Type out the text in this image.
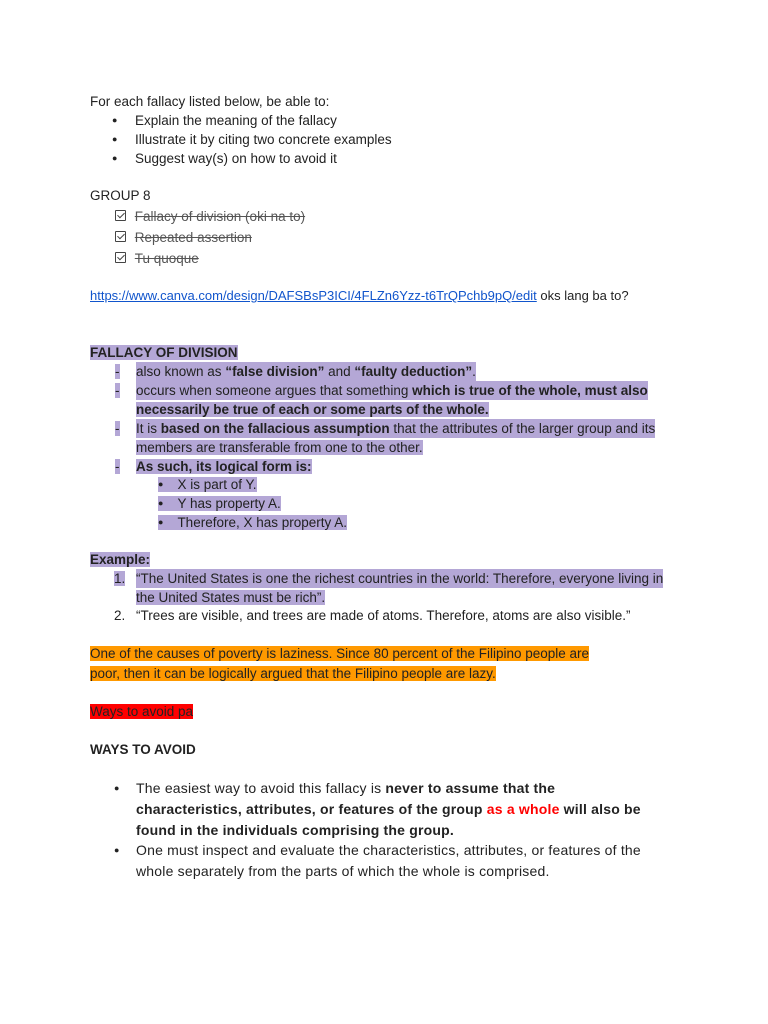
For each fallacy listed below, be able to:
●
Explain the meaning of the fallacy
●
Illustrate it by citing two concrete examples
●
Suggest way(s) on how to avoid it
GROUP 8
Fallacy of division (oki na to)
Repeated assertion
Tu quoque
https://www.canva.com/design/DAFSBsP3ICI/4FLZn6Yzz-t6TrQPchb9pQ/edit oks lang ba to?
FALLACY OF DIVISION
- also known as “false division” and “faulty deduction”.
- occurs when someone argues that something which is true of the whole, must also
necessarily be true of each or some parts of the whole.
- It is based on the fallacious assumption that the attributes of the larger group and its
members are transferable from one to the other.
- As such, its logical form is:
● X is part of Y.
● Y has property A.
● Therefore, X has property A.
Example:
1. “The United States is one the richest countries in the world: Therefore, everyone living in
the United States must be rich”.
2. “Trees are visible, and trees are made of atoms. Therefore, atoms are also visible.”
One of the causes of poverty is laziness. Since 80 percent of the Filipino people are
poor, then it can be logically argued that the Filipino people are lazy.
Ways to avoid pa
WAYS TO AVOID
●
The easiest way to avoid this fallacy is never to assume that the
characteristics, attributes, or features of the group as a whole will also be
found in the individuals comprising the group.
●
One must inspect and evaluate the characteristics, attributes, or features of the
whole separately from the parts of which the whole is comprised.
